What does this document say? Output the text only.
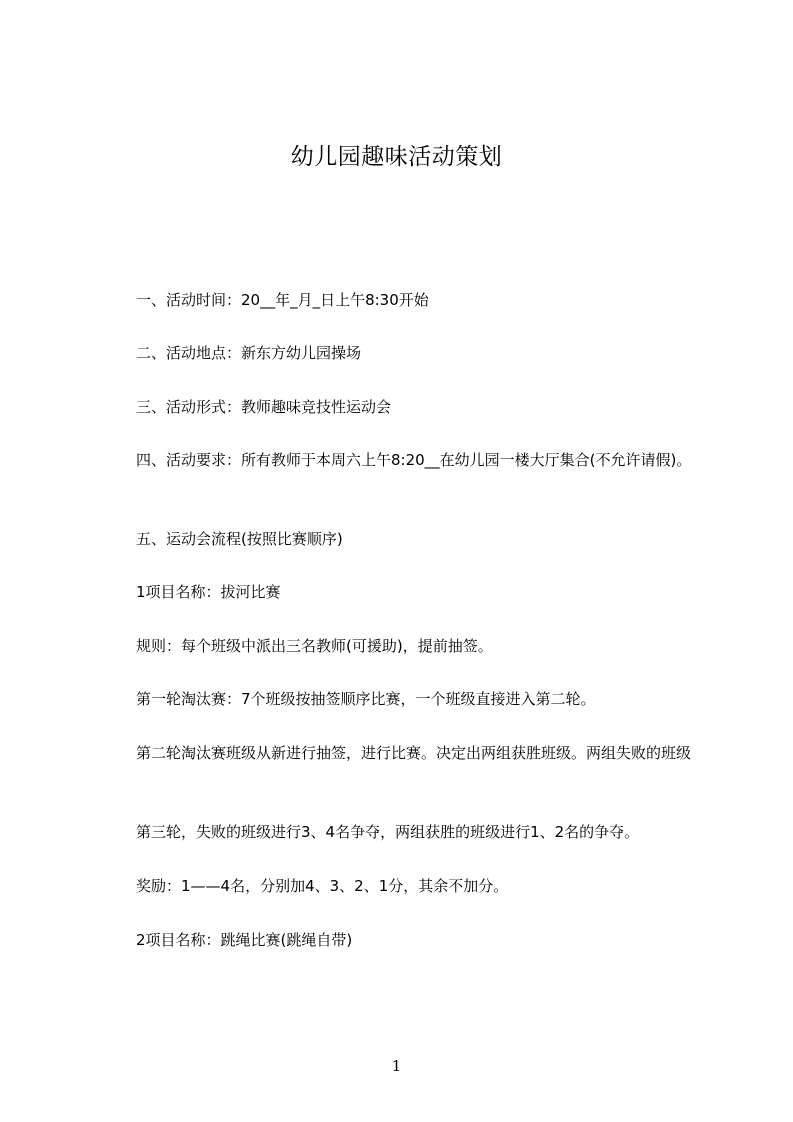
幼儿园趣味活动策划
一、活动时间：20__年_月_日上午8:30开始
二、活动地点：新东方幼儿园操场
三、活动形式：教师趣味竞技性运动会
四、活动要求：所有教师于本周六上午8:20__在幼儿园一楼大厅集合(不允许请假)。
五、运动会流程(按照比赛顺序)
1项目名称：拔河比赛
规则：每个班级中派出三名教师(可援助)，提前抽签。
第一轮淘汰赛：7个班级按抽签顺序比赛，一个班级直接进入第二轮。
第二轮淘汰赛班级从新进行抽签，进行比赛。决定出两组获胜班级。两组失败的班级
第三轮，失败的班级进行3、4名争夺，两组获胜的班级进行1、2名的争夺。
奖励：1——4名，分别加4、3、2、1分，其余不加分。
2项目名称：跳绳比赛(跳绳自带)
1
